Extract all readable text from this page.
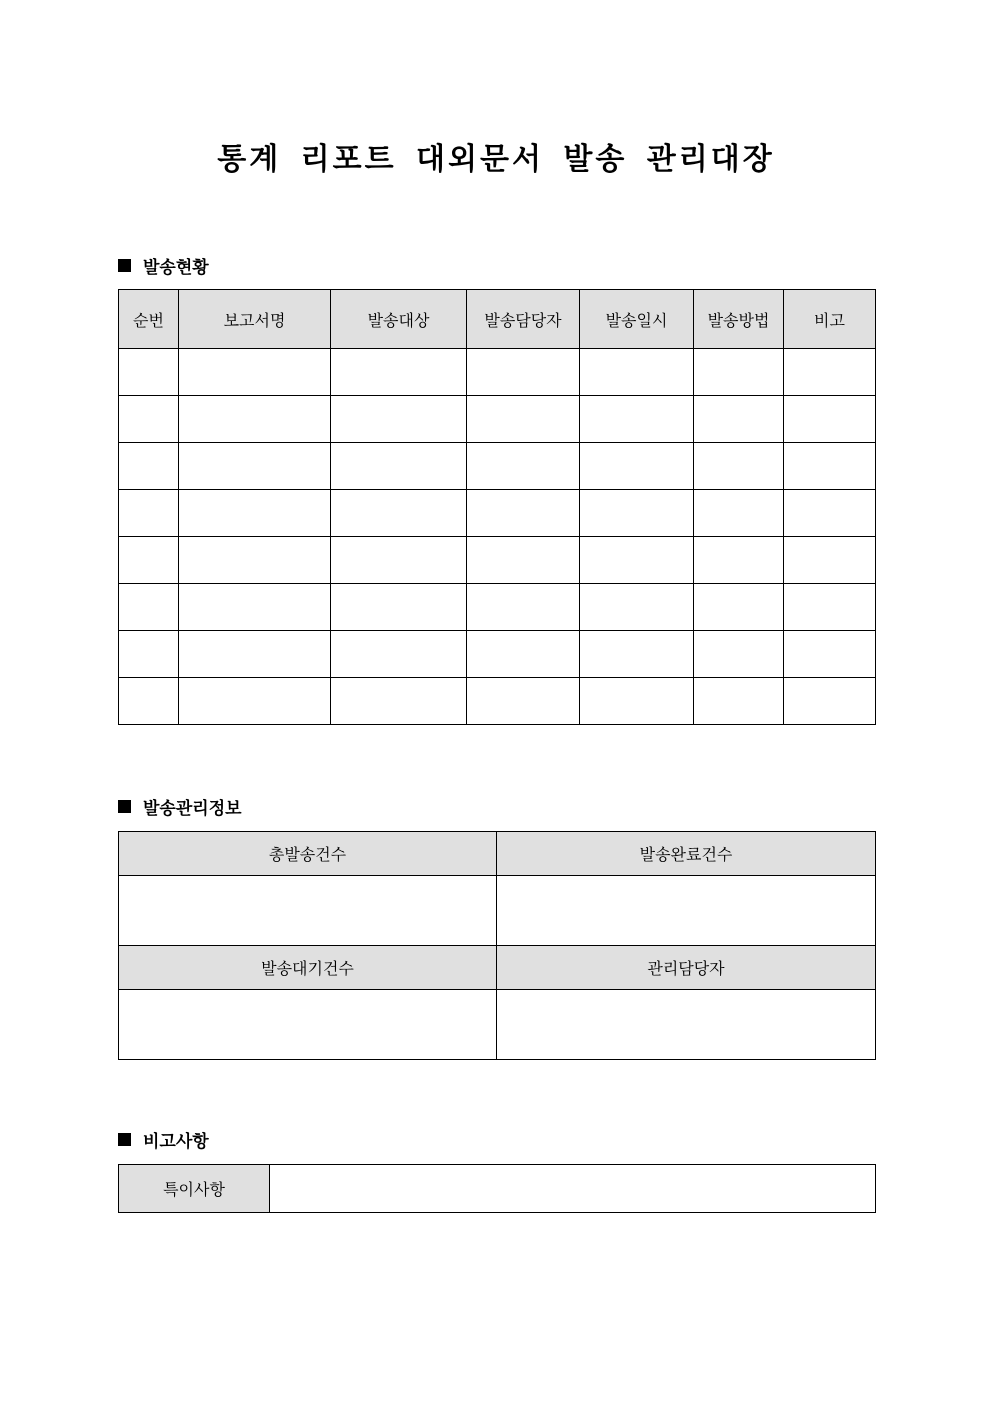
통계 리포트 대외문서 발송 관리대장
발송현황
순번	보고서명	발송대상	발송담당자	발송일시	발송방법	비고

발송관리정보
총발송건수	발송완료건수

발송대기건수	관리담당자

비고사항
특이사항	
